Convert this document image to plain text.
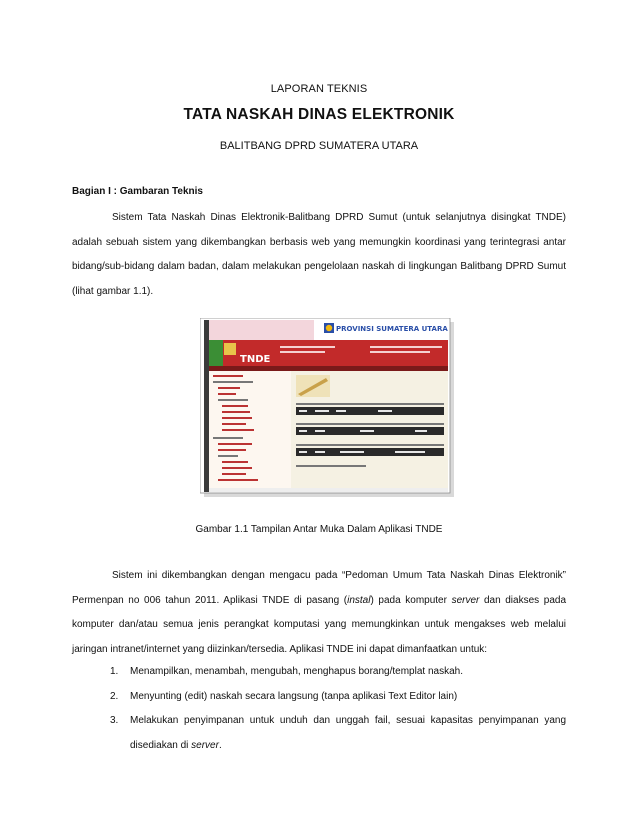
LAPORAN TEKNIS
TATA NASKAH DINAS ELEKTRONIK
BALITBANG DPRD SUMATERA UTARA
Bagian I : Gambaran Teknis
Sistem Tata Naskah Dinas Elektronik-Balitbang DPRD Sumut (untuk selanjutnya disingkat TNDE) adalah sebuah sistem yang dikembangkan berbasis web yang memungkin koordinasi yang terintegrasi antar bidang/sub-bidang dalam badan, dalam melakukan pengelolaan naskah di lingkungan Balitbang DPRD Sumut (lihat gambar 1.1).
PROVINSI SUMATERA UTARA
TNDE
Gambar 1.1 Tampilan Antar Muka Dalam Aplikasi TNDE
Sistem ini dikembangkan dengan mengacu pada “Pedoman Umum Tata Naskah Dinas Elektronik” Permenpan no 006 tahun 2011. Aplikasi TNDE di pasang (instal) pada komputer server dan diakses pada komputer dan/atau semua jenis perangkat komputasi yang memungkinkan untuk mengakses web melalui jaringan intranet/internet yang diizinkan/tersedia. Aplikasi TNDE ini dapat dimanfaatkan untuk:
1. Menampilkan, menambah, mengubah, menghapus borang/templat naskah.
2. Menyunting (edit) naskah secara langsung (tanpa aplikasi Text Editor lain)
3. Melakukan penyimpanan untuk unduh dan unggah fail, sesuai kapasitas penyimpanan yang disediakan di server.
